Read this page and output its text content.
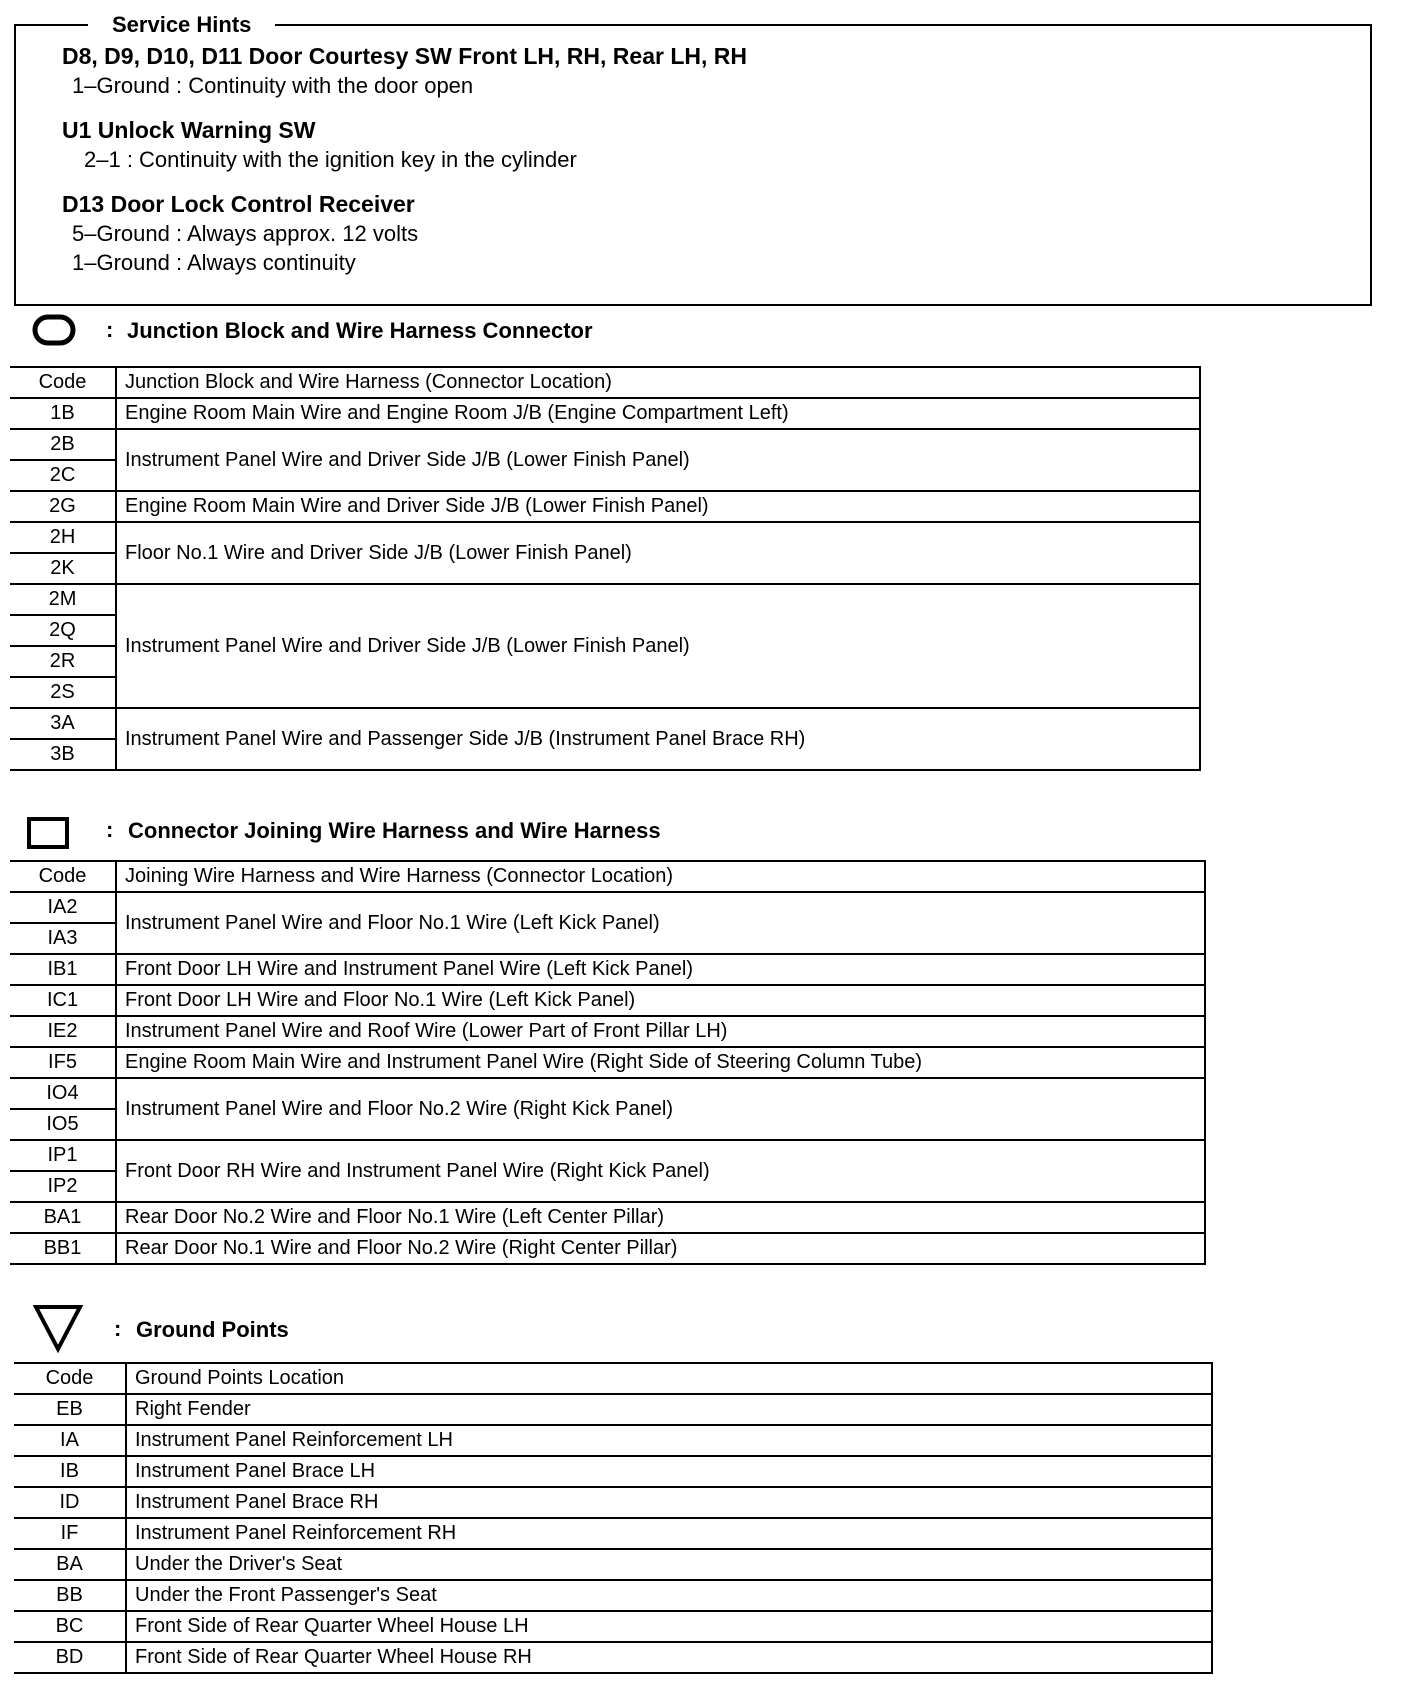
Service Hints
D8, D9, D10, D11 Door Courtesy SW Front LH, RH, Rear LH, RH
1–Ground : Continuity with the door open
U1 Unlock Warning SW
2–1 : Continuity with the ignition key in the cylinder
D13 Door Lock Control Receiver
5–Ground : Always approx. 12 volts
1–Ground : Always continuity
: Junction Block and Wire Harness Connector
Code	Junction Block and Wire Harness (Connector Location)
1B	Engine Room Main Wire and Engine Room J/B (Engine Compartment Left)
2B	Instrument Panel Wire and Driver Side J/B (Lower Finish Panel)
2C	
2G	Engine Room Main Wire and Driver Side J/B (Lower Finish Panel)
2H	Floor No.1 Wire and Driver Side J/B (Lower Finish Panel)
2K	
2M	Instrument Panel Wire and Driver Side J/B (Lower Finish Panel)
2Q	
2R	
2S	
3A	Instrument Panel Wire and Passenger Side J/B (Instrument Panel Brace RH)
3B	
: Connector Joining Wire Harness and Wire Harness
Code	Joining Wire Harness and Wire Harness (Connector Location)
IA2	Instrument Panel Wire and Floor No.1 Wire (Left Kick Panel)
IA3	
IB1	Front Door LH Wire and Instrument Panel Wire (Left Kick Panel)
IC1	Front Door LH Wire and Floor No.1 Wire (Left Kick Panel)
IE2	Instrument Panel Wire and Roof Wire (Lower Part of Front Pillar LH)
IF5	Engine Room Main Wire and Instrument Panel Wire (Right Side of Steering Column Tube)
IO4	Instrument Panel Wire and Floor No.2 Wire (Right Kick Panel)
IO5	
IP1	Front Door RH Wire and Instrument Panel Wire (Right Kick Panel)
IP2	
BA1	Rear Door No.2 Wire and Floor No.1 Wire (Left Center Pillar)
BB1	Rear Door No.1 Wire and Floor No.2 Wire (Right Center Pillar)
: Ground Points
Code	Ground Points Location
EB	Right Fender
IA	Instrument Panel Reinforcement LH
IB	Instrument Panel Brace LH
ID	Instrument Panel Brace RH
IF	Instrument Panel Reinforcement RH
BA	Under the Driver's Seat
BB	Under the Front Passenger's Seat
BC	Front Side of Rear Quarter Wheel House LH
BD	Front Side of Rear Quarter Wheel House RH
